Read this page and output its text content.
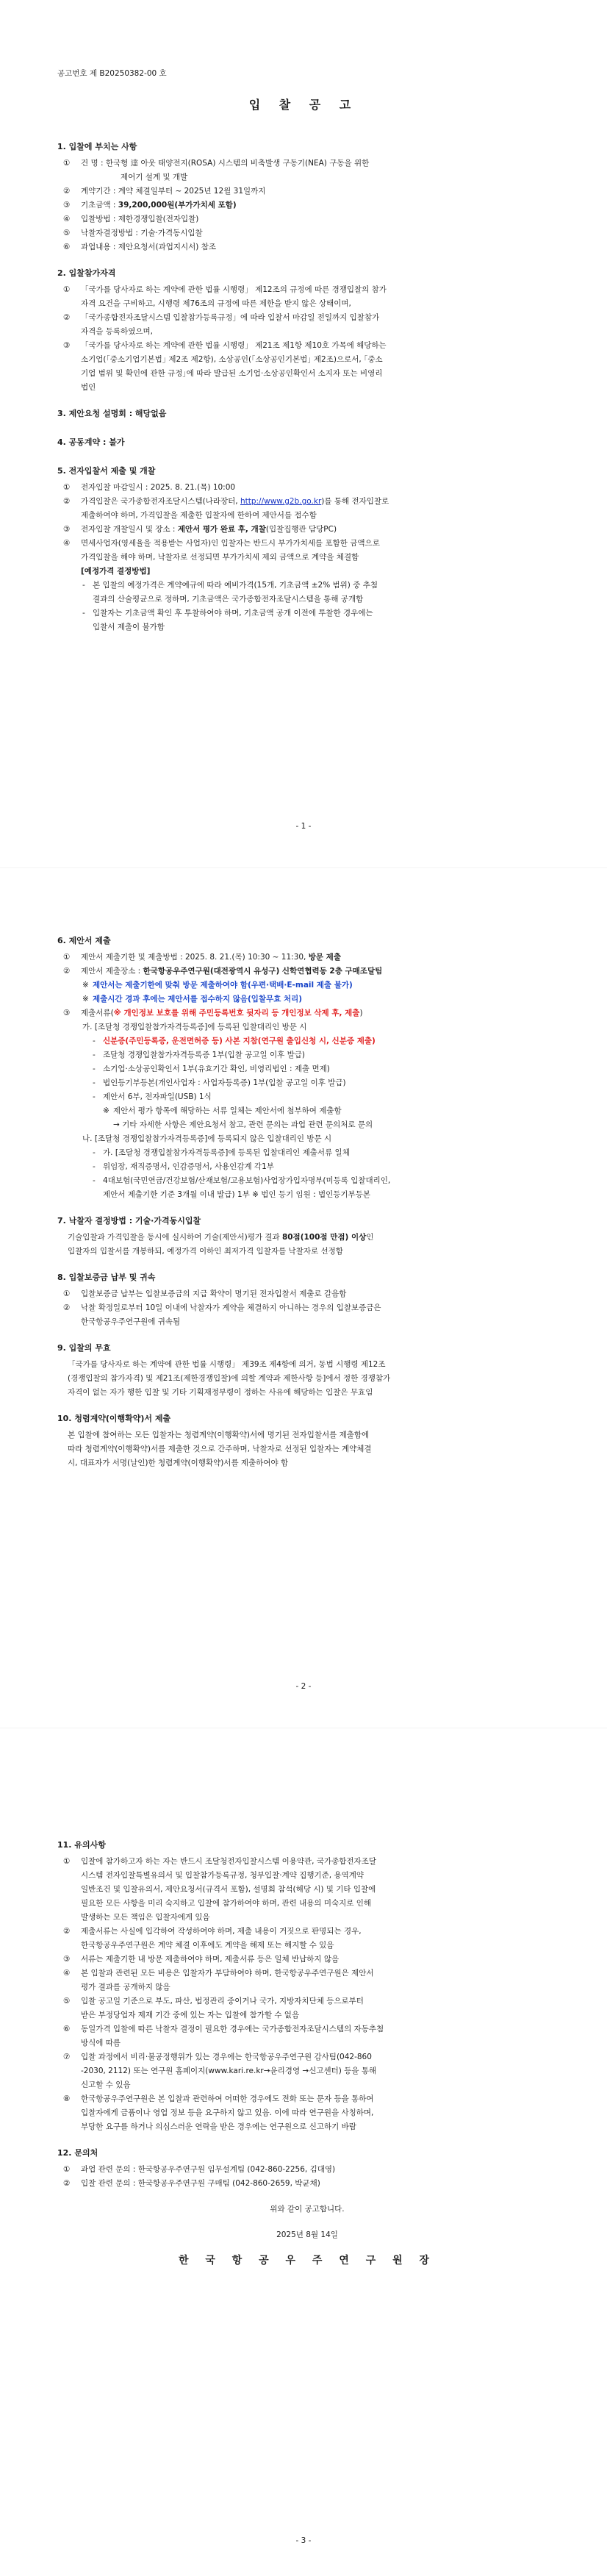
공고번호 제 B20250382-00 호
입 찰 공 고
1. 입찰에 부치는 사항
① 건 명 : 한국형 達 아웃 태양전지(ROSA) 시스템의 비축발생 구동기(NEA) 구동을 위한
제어기 설계 및 개발
② 계약기간 : 계약 체결일부터 ~ 2025년 12월 31일까지
③ 기초금액 : 39,200,000원(부가가치세 포함)
④ 입찰방법 : 제한경쟁입찰(전자입찰)
⑤ 낙찰자결정방법 : 기술·가격동시입찰
⑥ 과업내용 : 제안요청서(과업지시서) 참조
2. 입찰참가자격
① 「국가를 당사자로 하는 계약에 관한 법률 시행령」 제12조의 규정에 따른 경쟁입찰의 참가
자격 요건을 구비하고, 시행령 제76조의 규정에 따른 제한을 받지 않은 상태이며,
② 「국가종합전자조달시스템 입찰참가등록규정」에 따라 입찰서 마감일 전일까지 입찰참가
자격을 등록하였으며,
③ 「국가를 당사자로 하는 계약에 관한 법률 시행령」 제21조 제1항 제10호 가목에 해당하는
소기업(｢중소기업기본법｣ 제2조 제2항), 소상공인(｢소상공인기본법｣ 제2조)으로서, ｢중소
기업 범위 및 확인에 관한 규정｣에 따라 발급된 소기업·소상공인확인서 소지자 또는 비영리
법인
3. 제안요청 설명회 : 해당없음
4. 공동계약 : 불가
5. 전자입찰서 제출 및 개찰
① 전자입찰 마감일시 : 2025. 8. 21.(목) 10:00
② 가격입찰은 국가종합전자조달시스템(나라장터, http://www.g2b.go.kr)를 통해 전자입찰로
제출하여야 하며, 가격입찰을 제출한 입찰자에 한하여 제안서를 접수함
③ 전자입찰 개찰일시 및 장소 : 제안서 평가 완료 후, 개찰(입찰집행관 담당PC)
④ 면세사업자(영세율을 적용받는 사업자)인 입찰자는 반드시 부가가치세를 포함한 금액으로
가격입찰을 해야 하며, 낙찰자로 선정되면 부가가치세 제외 금액으로 계약을 체결함
[예정가격 결정방법]
- 본 입찰의 예정가격은 계약예규에 따라 예비가격(15개, 기초금액 ±2% 범위) 중 추첨
결과의 산술평균으로 정하며, 기초금액은 국가종합전자조달시스템을 통해 공개함
- 입찰자는 기초금액 확인 후 투찰하여야 하며, 기초금액 공개 이전에 투찰한 경우에는
입찰서 제출이 불가함
- 1 -
6. 제안서 제출
① 제안서 제출기한 및 제출방법 : 2025. 8. 21.(목) 10:30 ~ 11:30, 방문 제출
② 제안서 제출장소 : 한국항공우주연구원(대전광역시 유성구) 신학연협력동 2층 구매조달팀
※ 제안서는 제출기한에 맞춰 방문 제출하여야 함(우편·택배·E-mail 제출 불가)
※ 제출시간 경과 후에는 제안서를 접수하지 않음(입찰무효 처리)
③ 제출서류(※ 개인정보 보호를 위해 주민등록번호 뒷자리 등 개인정보 삭제 후, 제출)
가. [조달청 경쟁입찰참가자격등록증]에 등록된 입찰대리인 방문 시
- 신분증(주민등록증, 운전면허증 등) 사본 지참(연구원 출입신청 시, 신분증 제출)
- 조달청 경쟁입찰참가자격등록증 1부(입찰 공고일 이후 발급)
- 소기업·소상공인확인서 1부(유효기간 확인, 비영리법인 : 제출 면제)
- 법인등기부등본(개인사업자 : 사업자등록증) 1부(입찰 공고일 이후 발급)
- 제안서 6부, 전자파일(USB) 1식
※ 제안서 평가 항목에 해당하는 서류 일체는 제안서에 첨부하여 제출함
→ 기타 자세한 사항은 제안요청서 참고, 관련 문의는 과업 관련 문의처로 문의
나. [조달청 경쟁입찰참가자격등록증]에 등록되지 않은 입찰대리인 방문 시
- 가. [조달청 경쟁입찰참가자격등록증]에 등록된 입찰대리인 제출서류 일체
- 위임장, 재직증명서, 인감증명서, 사용인감계 각1부
- 4대보험(국민연금/건강보험/산재보험/고용보험)사업장가입자명부(미등록 입찰대리인,
제안서 제출기한 기준 3개월 이내 발급) 1부 ※ 법인 등기 임원 : 법인등기부등본
7. 낙찰자 결정방법 : 기술·가격동시입찰
기술입찰과 가격입찰을 동시에 실시하여 기술(제안서)평가 결과 80점(100점 만점) 이상인
입찰자의 입찰서를 개봉하되, 예정가격 이하인 최저가격 입찰자를 낙찰자로 선정함
8. 입찰보증금 납부 및 귀속
① 입찰보증금 납부는 입찰보증금의 지급 확약이 명기된 전자입찰서 제출로 갈음함
② 낙찰 확정일로부터 10일 이내에 낙찰자가 계약을 체결하지 아니하는 경우의 입찰보증금은
한국항공우주연구원에 귀속됨
9. 입찰의 무효
「국가를 당사자로 하는 계약에 관한 법률 시행령」 제39조 제4항에 의거, 동법 시행령 제12조
(경쟁입찰의 참가자격) 및 제21조(제한경쟁입찰)에 의할 계약과 제한사항 등]에서 정한 경쟁참가
자격이 없는 자가 행한 입찰 및 기타 기획재정부령이 정하는 사유에 해당하는 입찰은 무효임
10. 청렴계약(이행확약)서 제출
본 입찰에 참여하는 모든 입찰자는 청렴계약(이행확약)서에 명기된 전자입찰서를 제출함에
따라 청렴계약(이행확약)서를 제출한 것으로 간주하며, 낙찰자로 선정된 입찰자는 계약체결
시, 대표자가 서명(날인)한 청렴계약(이행확약)서를 제출하여야 함
- 2 -
11. 유의사항
① 입찰에 참가하고자 하는 자는 반드시 조달청전자입찰시스템 이용약관, 국가종합전자조달
시스템 전자입찰특별유의서 및 입찰참가등록규정, 청부입찰·계약 집행기준, 용역계약
일반조건 및 입찰유의서, 제안요청서(규격서 포함), 설명회 참석(해당 시) 및 기타 입찰에
필요한 모든 사항을 미리 숙지하고 입찰에 참가하여야 하며, 관련 내용의 미숙지로 인해
발생하는 모든 책임은 입찰자에게 있음
② 제출서류는 사실에 입각하여 작성하여야 하며, 제출 내용이 거짓으로 판명되는 경우,
한국항공우주연구원은 계약 체결 이후에도 계약을 해제 또는 해지할 수 있음
③ 서류는 제출기한 내 방문 제출하여야 하며, 제출서류 등은 일체 반납하지 않음
④ 본 입찰과 관련된 모든 비용은 입찰자가 부담하여야 하며, 한국항공우주연구원은 제안서
평가 결과를 공개하지 않음
⑤ 입찰 공고일 기준으로 부도, 파산, 법정관리 중이거나 국가, 지방자치단체 등으로부터
받은 부정당업자 제재 기간 중에 있는 자는 입찰에 참가할 수 없음
⑥ 동일가격 입찰에 따른 낙찰자 결정이 필요한 경우에는 국가종합전자조달시스템의 자동추첨
방식에 따름
⑦ 입찰 과정에서 비리·불공정행위가 있는 경우에는 한국항공우주연구원 감사팀(042-860
-2030, 2112) 또는 연구원 홈페이지(www.kari.re.kr→윤리경영 →신고센터) 등을 통해
신고할 수 있음
⑧ 한국항공우주연구원은 본 입찰과 관련하여 어떠한 경우에도 전화 또는 문자 등을 통하여
입찰자에게 금품이나 영업 정보 등을 요구하지 않고 있음. 이에 따라 연구원을 사칭하며,
부당한 요구를 하거나 의심스러운 연락을 받은 경우에는 연구원으로 신고하기 바람
12. 문의처
① 과업 관련 문의 : 한국항공우주연구원 임무설계팀 (042-860-2256, 김대영)
② 입찰 관련 문의 : 한국항공우주연구원 구매팀 (042-860-2659, 박균채)
위와 같이 공고합니다.
2025년 8월 14일
한 국 항 공 우 주 연 구 원 장
- 3 -
